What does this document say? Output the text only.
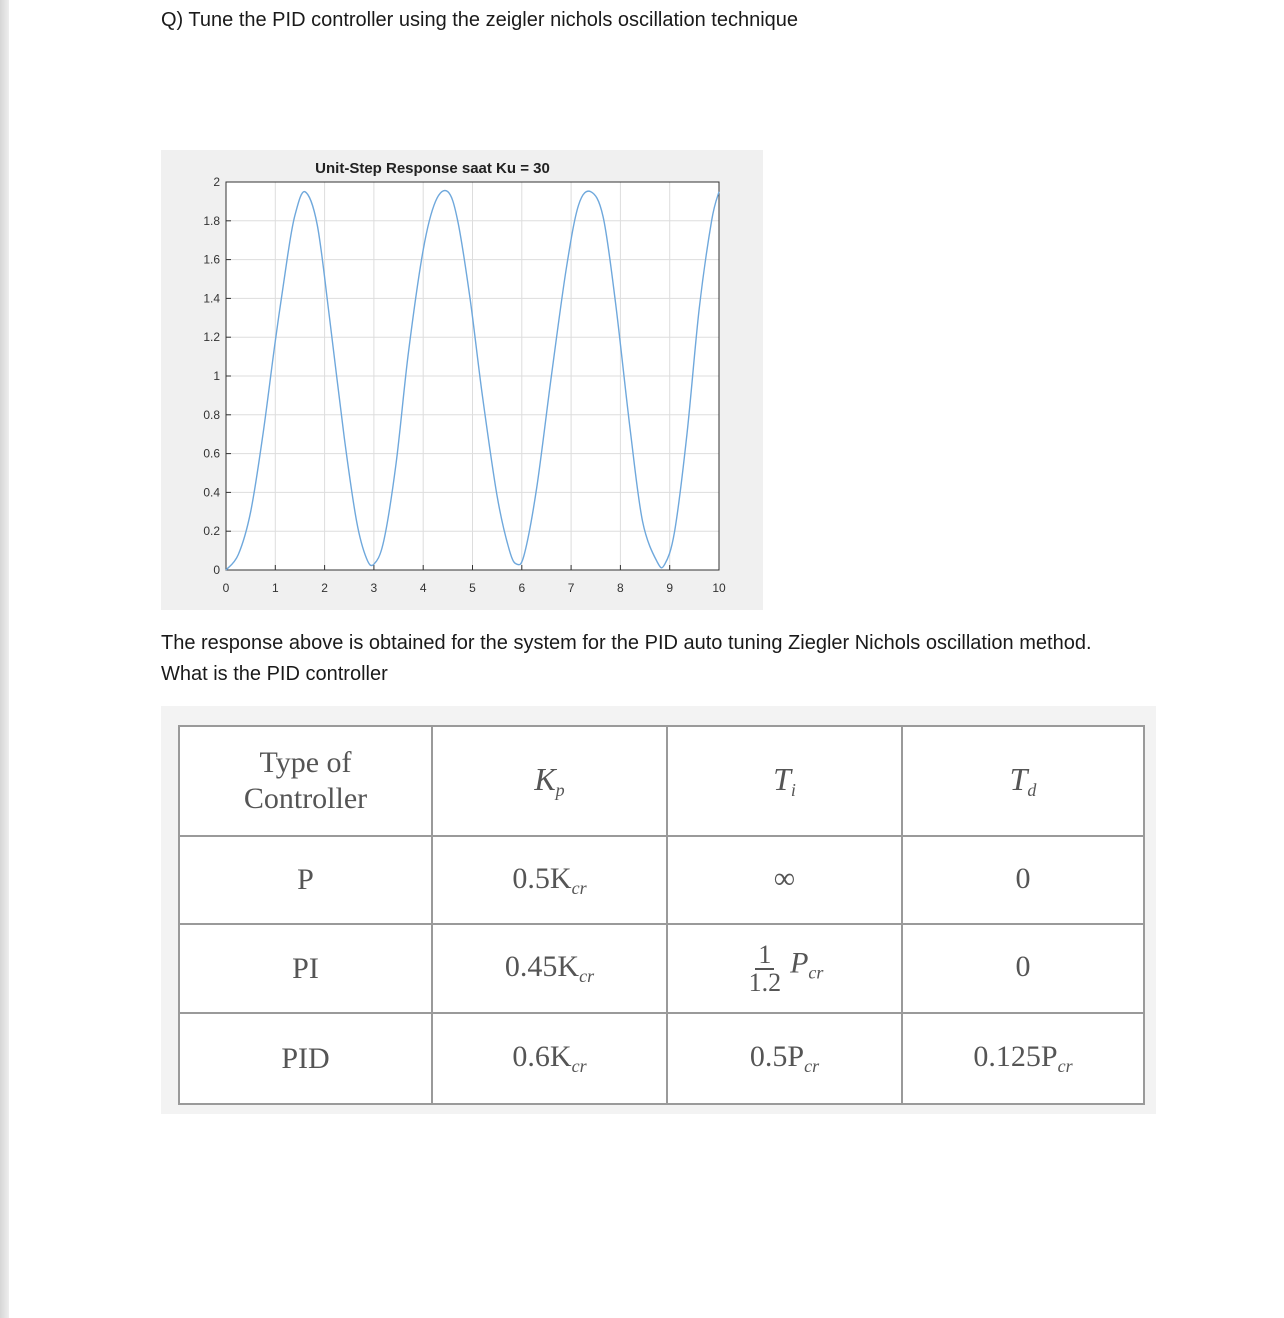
Q) Tune the PID controller using the zeigler nichols oscillation technique
0	1	2	3	4	5	6	7	8	9	10
0
0.2
0.4
0.6
0.8
1
1.2
1.4
1.6
1.8
2
Unit-Step Response saat Ku = 30
The response above is obtained for the system for the PID auto tuning Ziegler Nichols oscillation method. What is the PID controller
Type of Controller	Kp	Ti	Td
P	0.5Kcr	∞	0
PI	0.45Kcr	$\frac{1}{1.2}$ Pcr	0
PID	0.6Kcr	0.5Pcr	0.125Pcr
